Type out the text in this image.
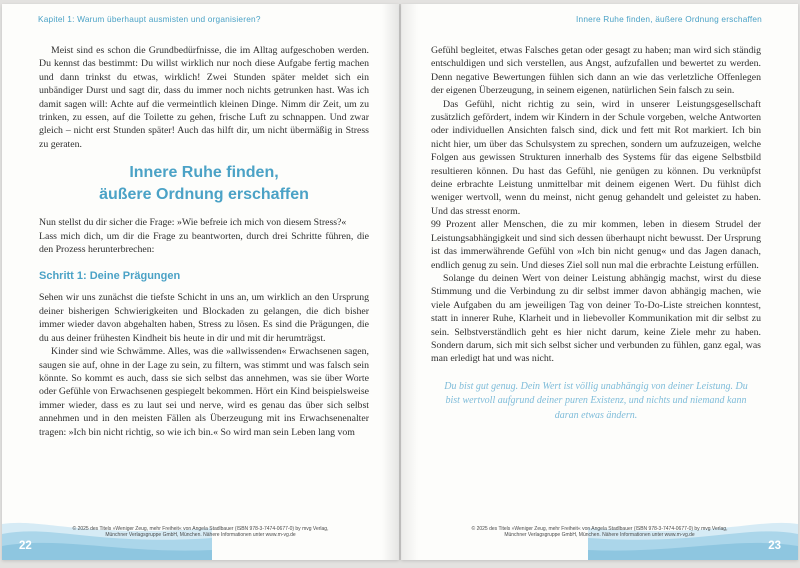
Kapitel 1: Warum überhaupt ausmisten und organisieren?

Meist sind es schon die Grundbedürfnisse, die im Alltag aufgeschoben werden. Du kennst das bestimmt: Du willst wirklich nur noch diese Aufgabe fertig machen und dann trinkst du etwas, wirklich! Zwei Stunden später meldet sich ein unbändiger Durst und sagt dir, dass du immer noch nichts getrunken hast. Was ich damit sagen will: Achte auf die vermeintlich kleinen Dinge. Nimm dir Zeit, um zu trinken, zu essen, auf die Toilette zu gehen, frische Luft zu schnappen. Und zwar gleich – nicht erst Stunden später! Auch das hilft dir, um nicht übermäßig in Stress zu geraten.

Innere Ruhe finden,
äußere Ordnung erschaffen

Nun stellst du dir sicher die Frage: »Wie befreie ich mich von diesem Stress?«

Lass mich dich, um dir die Frage zu beantworten, durch drei Schritte führen, die den Prozess herunterbrechen:

Schritt 1: Deine Prägungen

Sehen wir uns zunächst die tiefste Schicht in uns an, um wirklich an den Ursprung deiner bisherigen Schwierigkeiten und Blockaden zu gelangen, die dich bisher immer wieder davon abgehalten haben, Stress zu lösen. Es sind die Prägungen, die du aus deiner frühesten Kindheit bis heute in dir und mit dir herumträgst.

Kinder sind wie Schwämme. Alles, was die »allwissenden« Erwachsenen sagen, saugen sie auf, ohne in der Lage zu sein, zu filtern, was stimmt und was falsch sein könnte. So kommt es auch, dass sie sich selbst das annehmen, was sie über Worte oder Gefühle von Erwachsenen gespiegelt bekommen. Hört ein Kind beispielsweise immer wieder, dass es zu laut sei und nerve, wird es genau das über sich selbst annehmen und in den meisten Fällen als Überzeugung mit ins Erwachsenenalter tragen: »Ich bin nicht richtig, so wie ich bin.« So wird man sein Leben lang vom

© 2025 des Titels »Weniger Zeug, mehr Freiheit« von Angela Stadlbauer (ISBN 978-3-7474-0677-0) by mvg Verlag, Münchner Verlagsgruppe GmbH, München. Nähere Informationen unter www.m-vg.de
22
Innere Ruhe finden, äußere Ordnung erschaffen

Gefühl begleitet, etwas Falsches getan oder gesagt zu haben; man wird sich ständig entschuldigen und sich verstellen, aus Angst, aufzufallen und bewertet zu werden. Denn negative Bewertungen fühlen sich dann an wie das verletzliche Offenlegen der eigenen Überzeugung, in seinem eigenen, natürlichen Sein falsch zu sein.

Das Gefühl, nicht richtig zu sein, wird in unserer Leistungsgesellschaft zusätzlich gefördert, indem wir Kindern in der Schule vorgeben, welche Antworten oder individuellen Ansichten falsch sind, dick und fett mit Rot markiert. Ich bin nicht hier, um über das Schulsystem zu sprechen, sondern um aufzuzeigen, welche Folgen aus gewissen Strukturen innerhalb des Systems für das eigene Selbstbild resultieren können. Du hast das Gefühl, nie genügen zu können. Du verknüpfst deine erbrachte Leistung unmittelbar mit deinem eigenen Wert. Du fühlst dich weniger wertvoll, wenn du meinst, nicht genug gehandelt und geleistet zu haben. Und das stresst enorm.

99 Prozent aller Menschen, die zu mir kommen, leben in diesem Strudel der Leistungsabhängigkeit und sind sich dessen überhaupt nicht bewusst. Der Ursprung ist das immerwährende Gefühl von »Ich bin nicht genug« und das Jagen danach, endlich genug zu sein. Und dieses Ziel soll nun mal die erbrachte Leistung erfüllen.

Solange du deinen Wert von deiner Leistung abhängig machst, wirst du diese Stimmung und die Verbindung zu dir selbst immer davon abhängig machen, wie viele Aufgaben du am jeweiligen Tag von deiner To-Do-Liste streichen konntest, statt in innerer Ruhe, Klarheit und in liebevoller Kommunikation mit dir selbst zu sein. Selbstverständlich geht es hier nicht darum, keine Ziele mehr zu haben. Sondern darum, sich mit sich selbst sicher und verbunden zu fühlen, ganz egal, was man erledigt hat und was nicht.

Du bist gut genug. Dein Wert ist völlig unabhängig von deiner Leistung. Du bist wertvoll aufgrund deiner puren Existenz, und nichts und niemand kann daran etwas ändern.
© 2025 des Titels »Weniger Zeug, mehr Freiheit« von Angela Stadlbauer (ISBN 978-3-7474-0677-0) by mvg Verlag, Münchner Verlagsgruppe GmbH, München. Nähere Informationen unter www.m-vg.de
23
